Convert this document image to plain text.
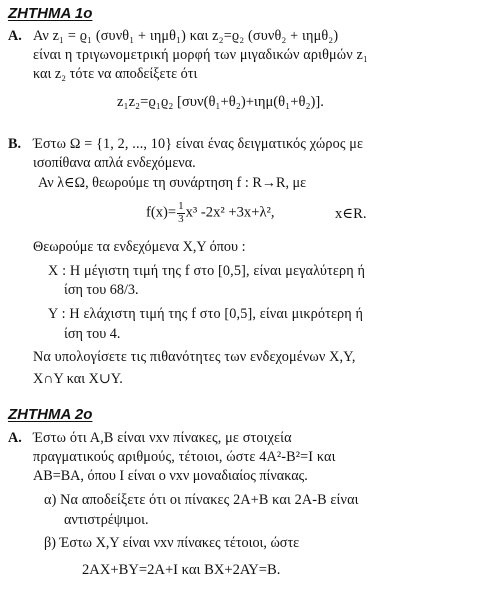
ΖΗΤΗΜΑ 1ο
Α. Αν z₁ = ϱ₁ (συνθ₁ + ιημθ₁) και z₂=ϱ₂ (συνθ₂ + ιημθ₂)
είναι η τριγωνομετρική μορφή των μιγαδικών αριθμών z₁
και z₂ τότε να αποδείξετε ότι
z₁z₂=ϱ₁ϱ₂ [συν(θ₁+θ₂)+ιημ(θ₁+θ₂)].
Β. Έστω Ω = {1, 2, ..., 10} είναι ένας δειγματικός χώρος με
ισοπίθανα απλά ενδεχόμενα.
Αν λ∈Ω, θεωρούμε τη συνάρτηση f : R→R, με
$f(x)= \frac{1}{3} x^3$ -2x² +3x+λ²,	x∈R.
Θεωρούμε τα ενδεχόμενα Χ,Υ όπου :
Χ : Η μέγιστη τιμή της f στο [0,5], είναι μεγαλύτερη ή
ίση του 68/3.
Υ : Η ελάχιστη τιμή της f στο [0,5], είναι μικρότερη ή
ίση του 4.
Να υπολογίσετε τις πιθανότητες των ενδεχομένων Χ,Υ,
Χ∩Υ και Χ∪Υ.
ΖΗΤΗΜΑ 2ο
Α. Έστω ότι Α,Β είναι νxν πίνακες, με στοιχεία
πραγματικούς αριθμούς, τέτοιοι, ώστε 4Α²-Β²=Ι και
ΑΒ=ΒΑ, όπου Ι είναι ο νxν μοναδιαίος πίνακας.
α) Να αποδείξετε ότι οι πίνακες 2Α+Β και 2Α-Β είναι
αντιστρέψιμοι.
β) Έστω Χ,Υ είναι νxν πίνακες τέτοιοι, ώστε
2ΑΧ+ΒΥ=2Α+Ι και ΒΧ+2ΑΥ=Β.
